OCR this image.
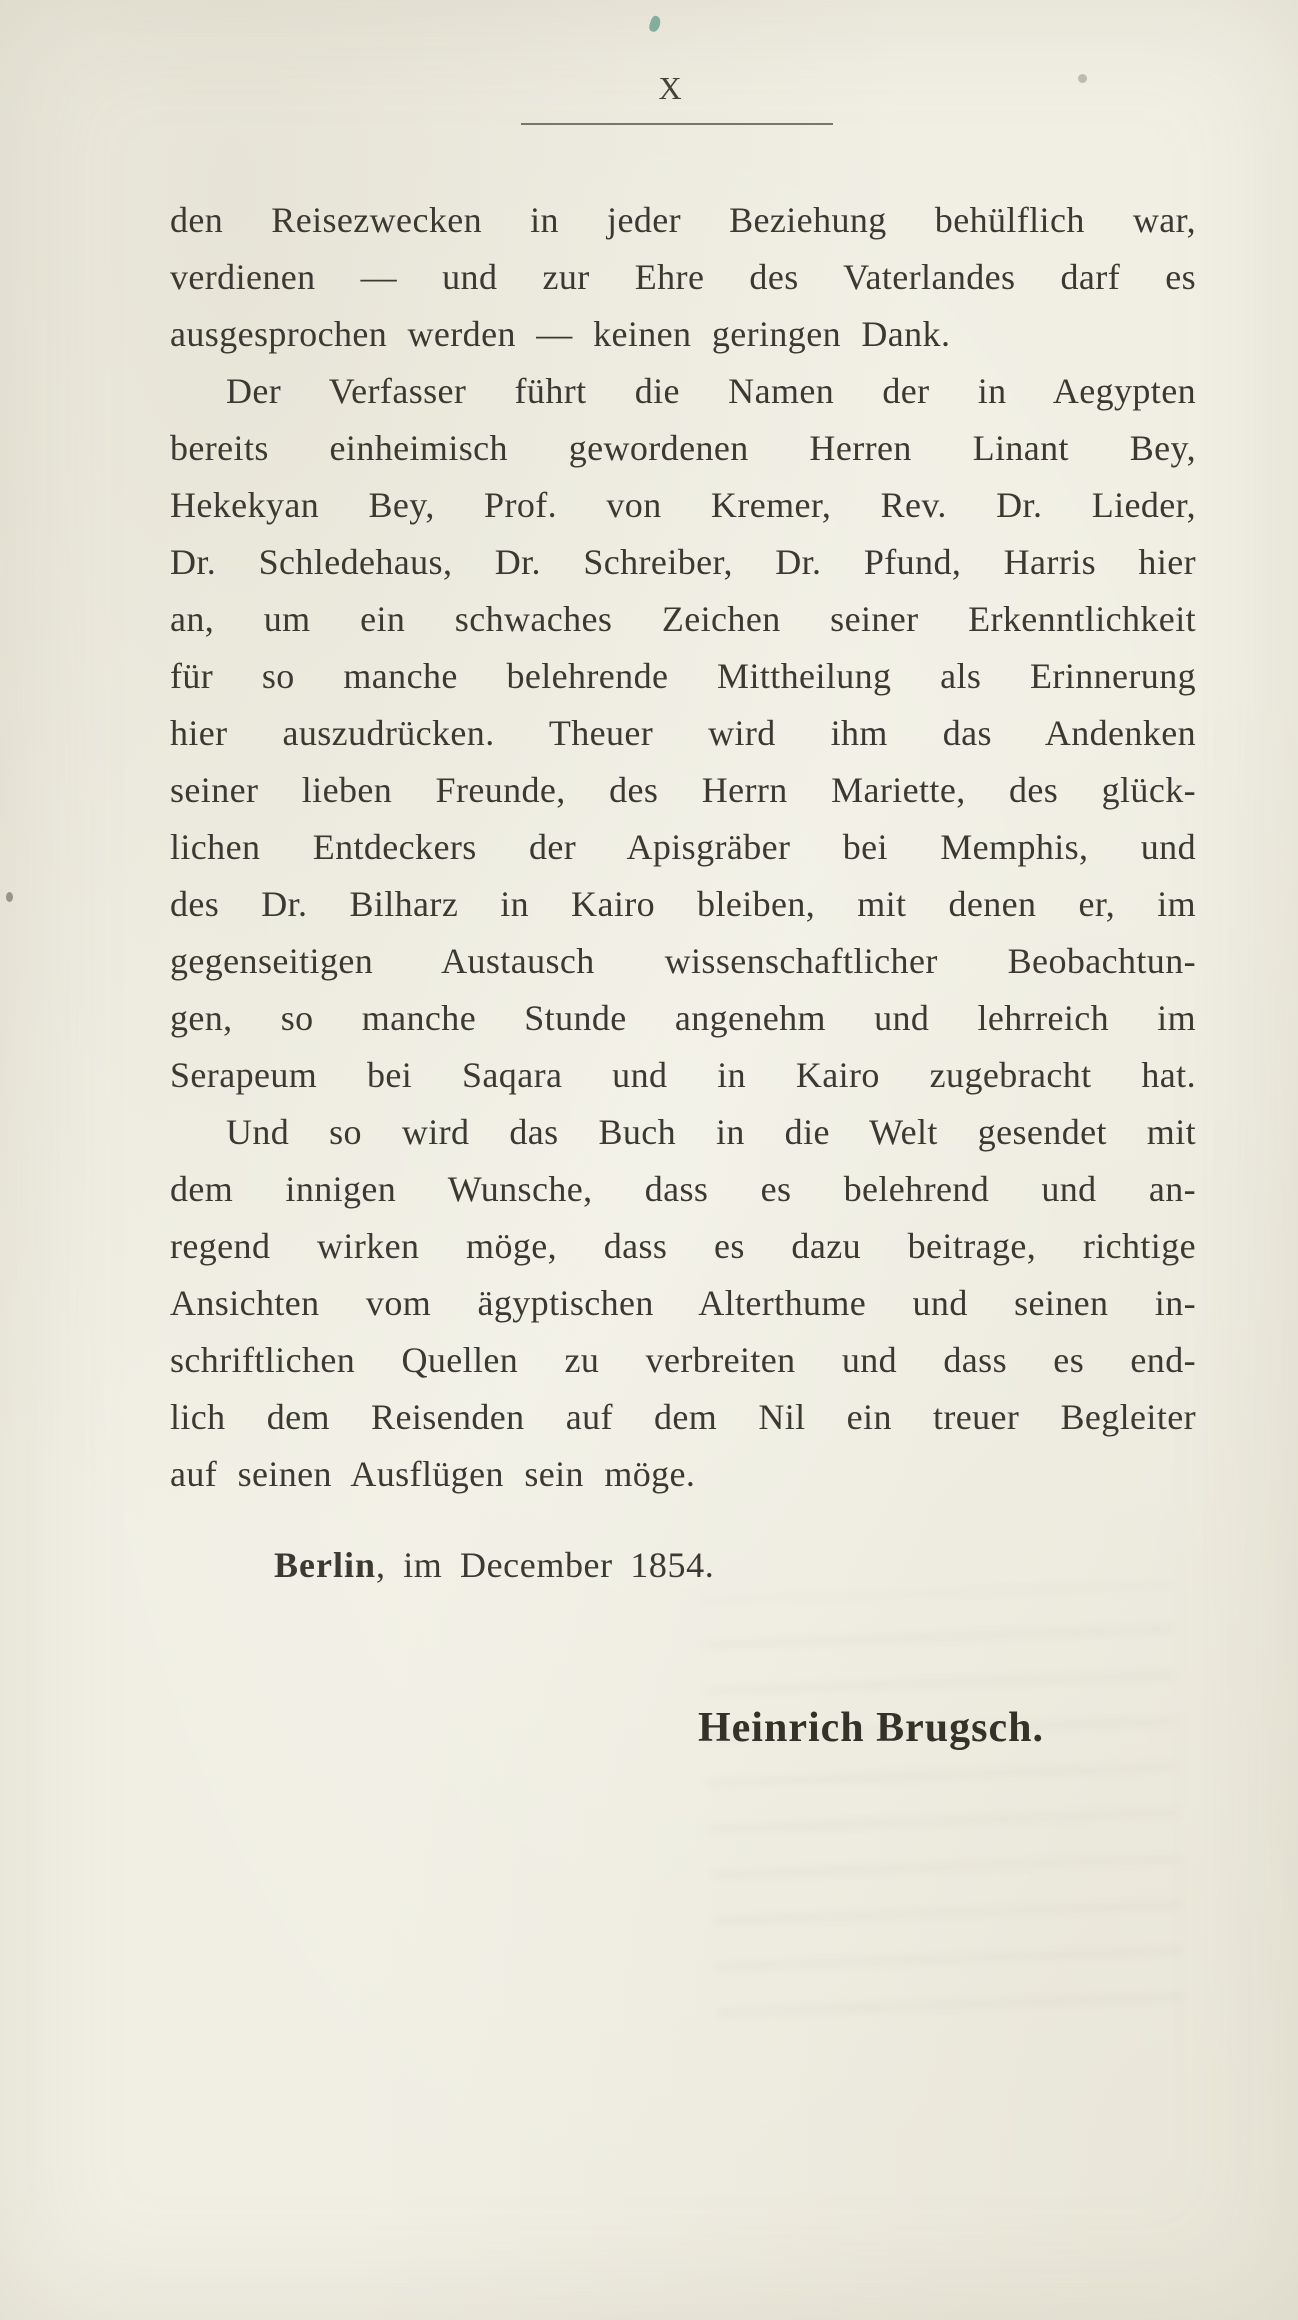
X
den Reisezwecken in jeder Beziehung behülflich war,
verdienen — und zur Ehre des Vaterlandes darf es
ausgesprochen werden — keinen geringen Dank.
Der Verfasser führt die Namen der in Aegypten
bereits einheimisch gewordenen Herren Linant Bey,
Hekekyan Bey, Prof. von Kremer, Rev. Dr. Lieder,
Dr. Schledehaus, Dr. Schreiber, Dr. Pfund, Harris hier
an, um ein schwaches Zeichen seiner Erkenntlichkeit
für so manche belehrende Mittheilung als Erinnerung
hier auszudrücken. Theuer wird ihm das Andenken
seiner lieben Freunde, des Herrn Mariette, des glück-
lichen Entdeckers der Apisgräber bei Memphis, und
des Dr. Bilharz in Kairo bleiben, mit denen er, im
gegenseitigen Austausch wissenschaftlicher Beobachtun-
gen, so manche Stunde angenehm und lehrreich im
Serapeum bei Saqara und in Kairo zugebracht hat.
Und so wird das Buch in die Welt gesendet mit
dem innigen Wunsche, dass es belehrend und an-
regend wirken möge, dass es dazu beitrage, richtige
Ansichten vom ägyptischen Alterthume und seinen in-
schriftlichen Quellen zu verbreiten und dass es end-
lich dem Reisenden auf dem Nil ein treuer Begleiter
auf seinen Ausflügen sein möge.

Berlin, im December 1854.

Heinrich Brugsch.
